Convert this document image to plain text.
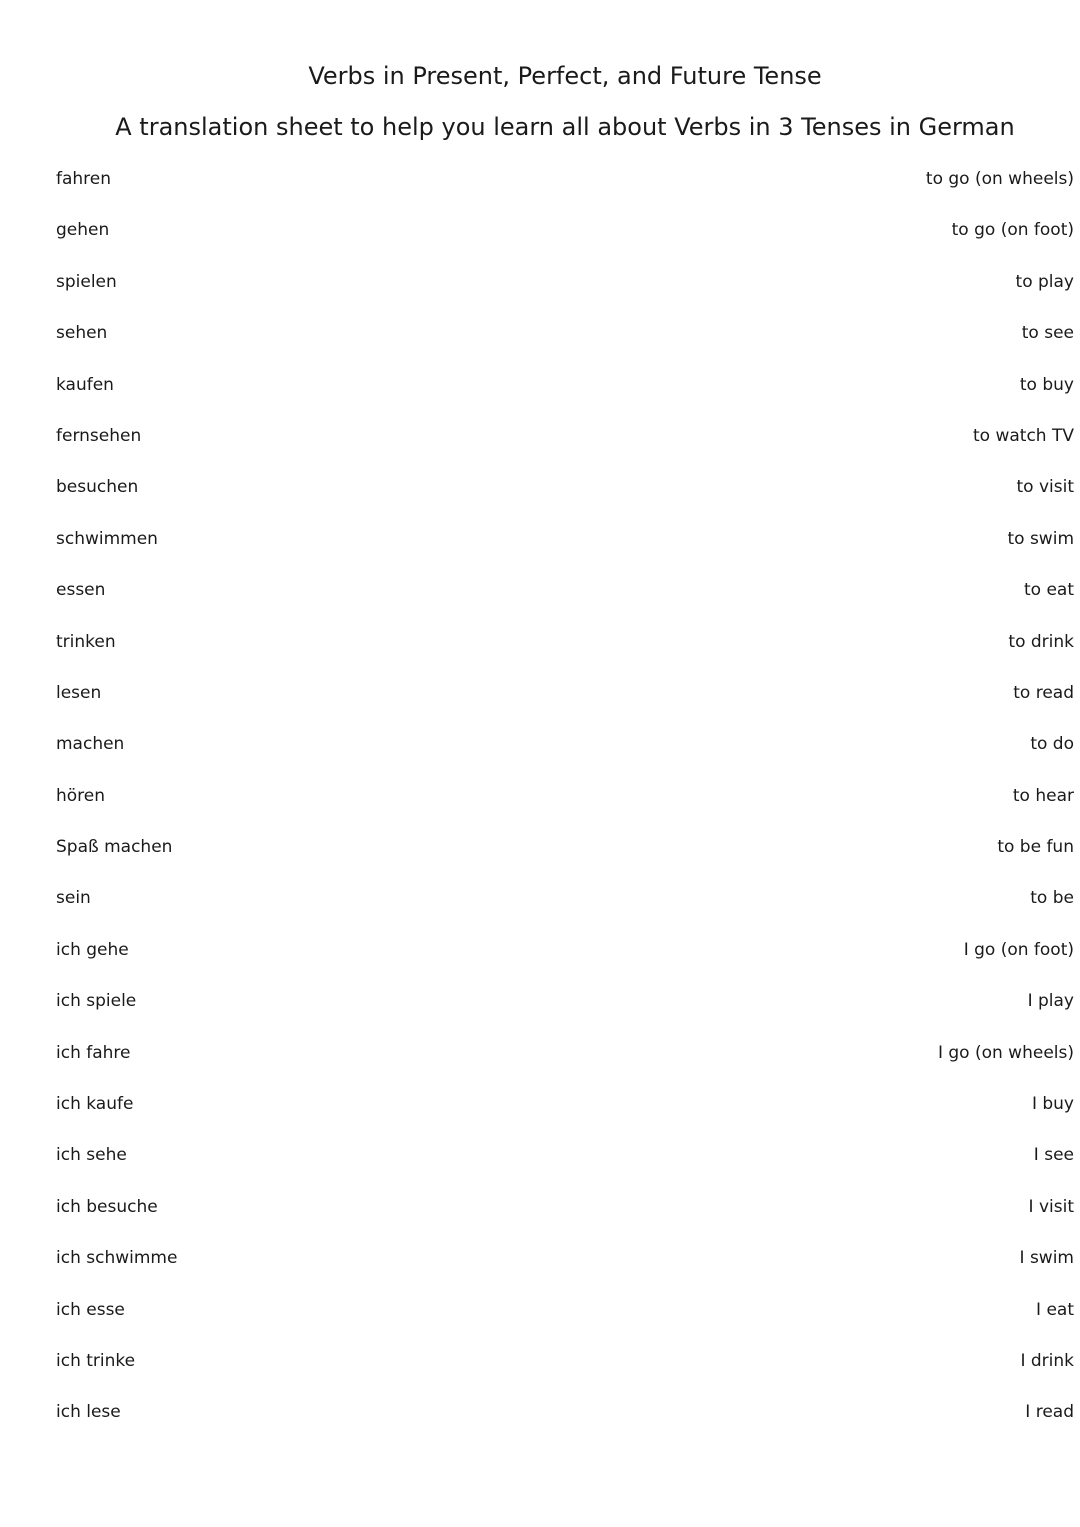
Verbs in Present, Perfect, and Future Tense
A translation sheet to help you learn all about Verbs in 3 Tenses in German
fahren	to go (on wheels)
gehen	to go (on foot)
spielen	to play
sehen	to see
kaufen	to buy
fernsehen	to watch TV
besuchen	to visit
schwimmen	to swim
essen	to eat
trinken	to drink
lesen	to read
machen	to do
hören	to hear
Spaß machen	to be fun
sein	to be
ich gehe	I go (on foot)
ich spiele	I play
ich fahre	I go (on wheels)
ich kaufe	I buy
ich sehe	I see
ich besuche	I visit
ich schwimme	I swim
ich esse	I eat
ich trinke	I drink
ich lese	I read
